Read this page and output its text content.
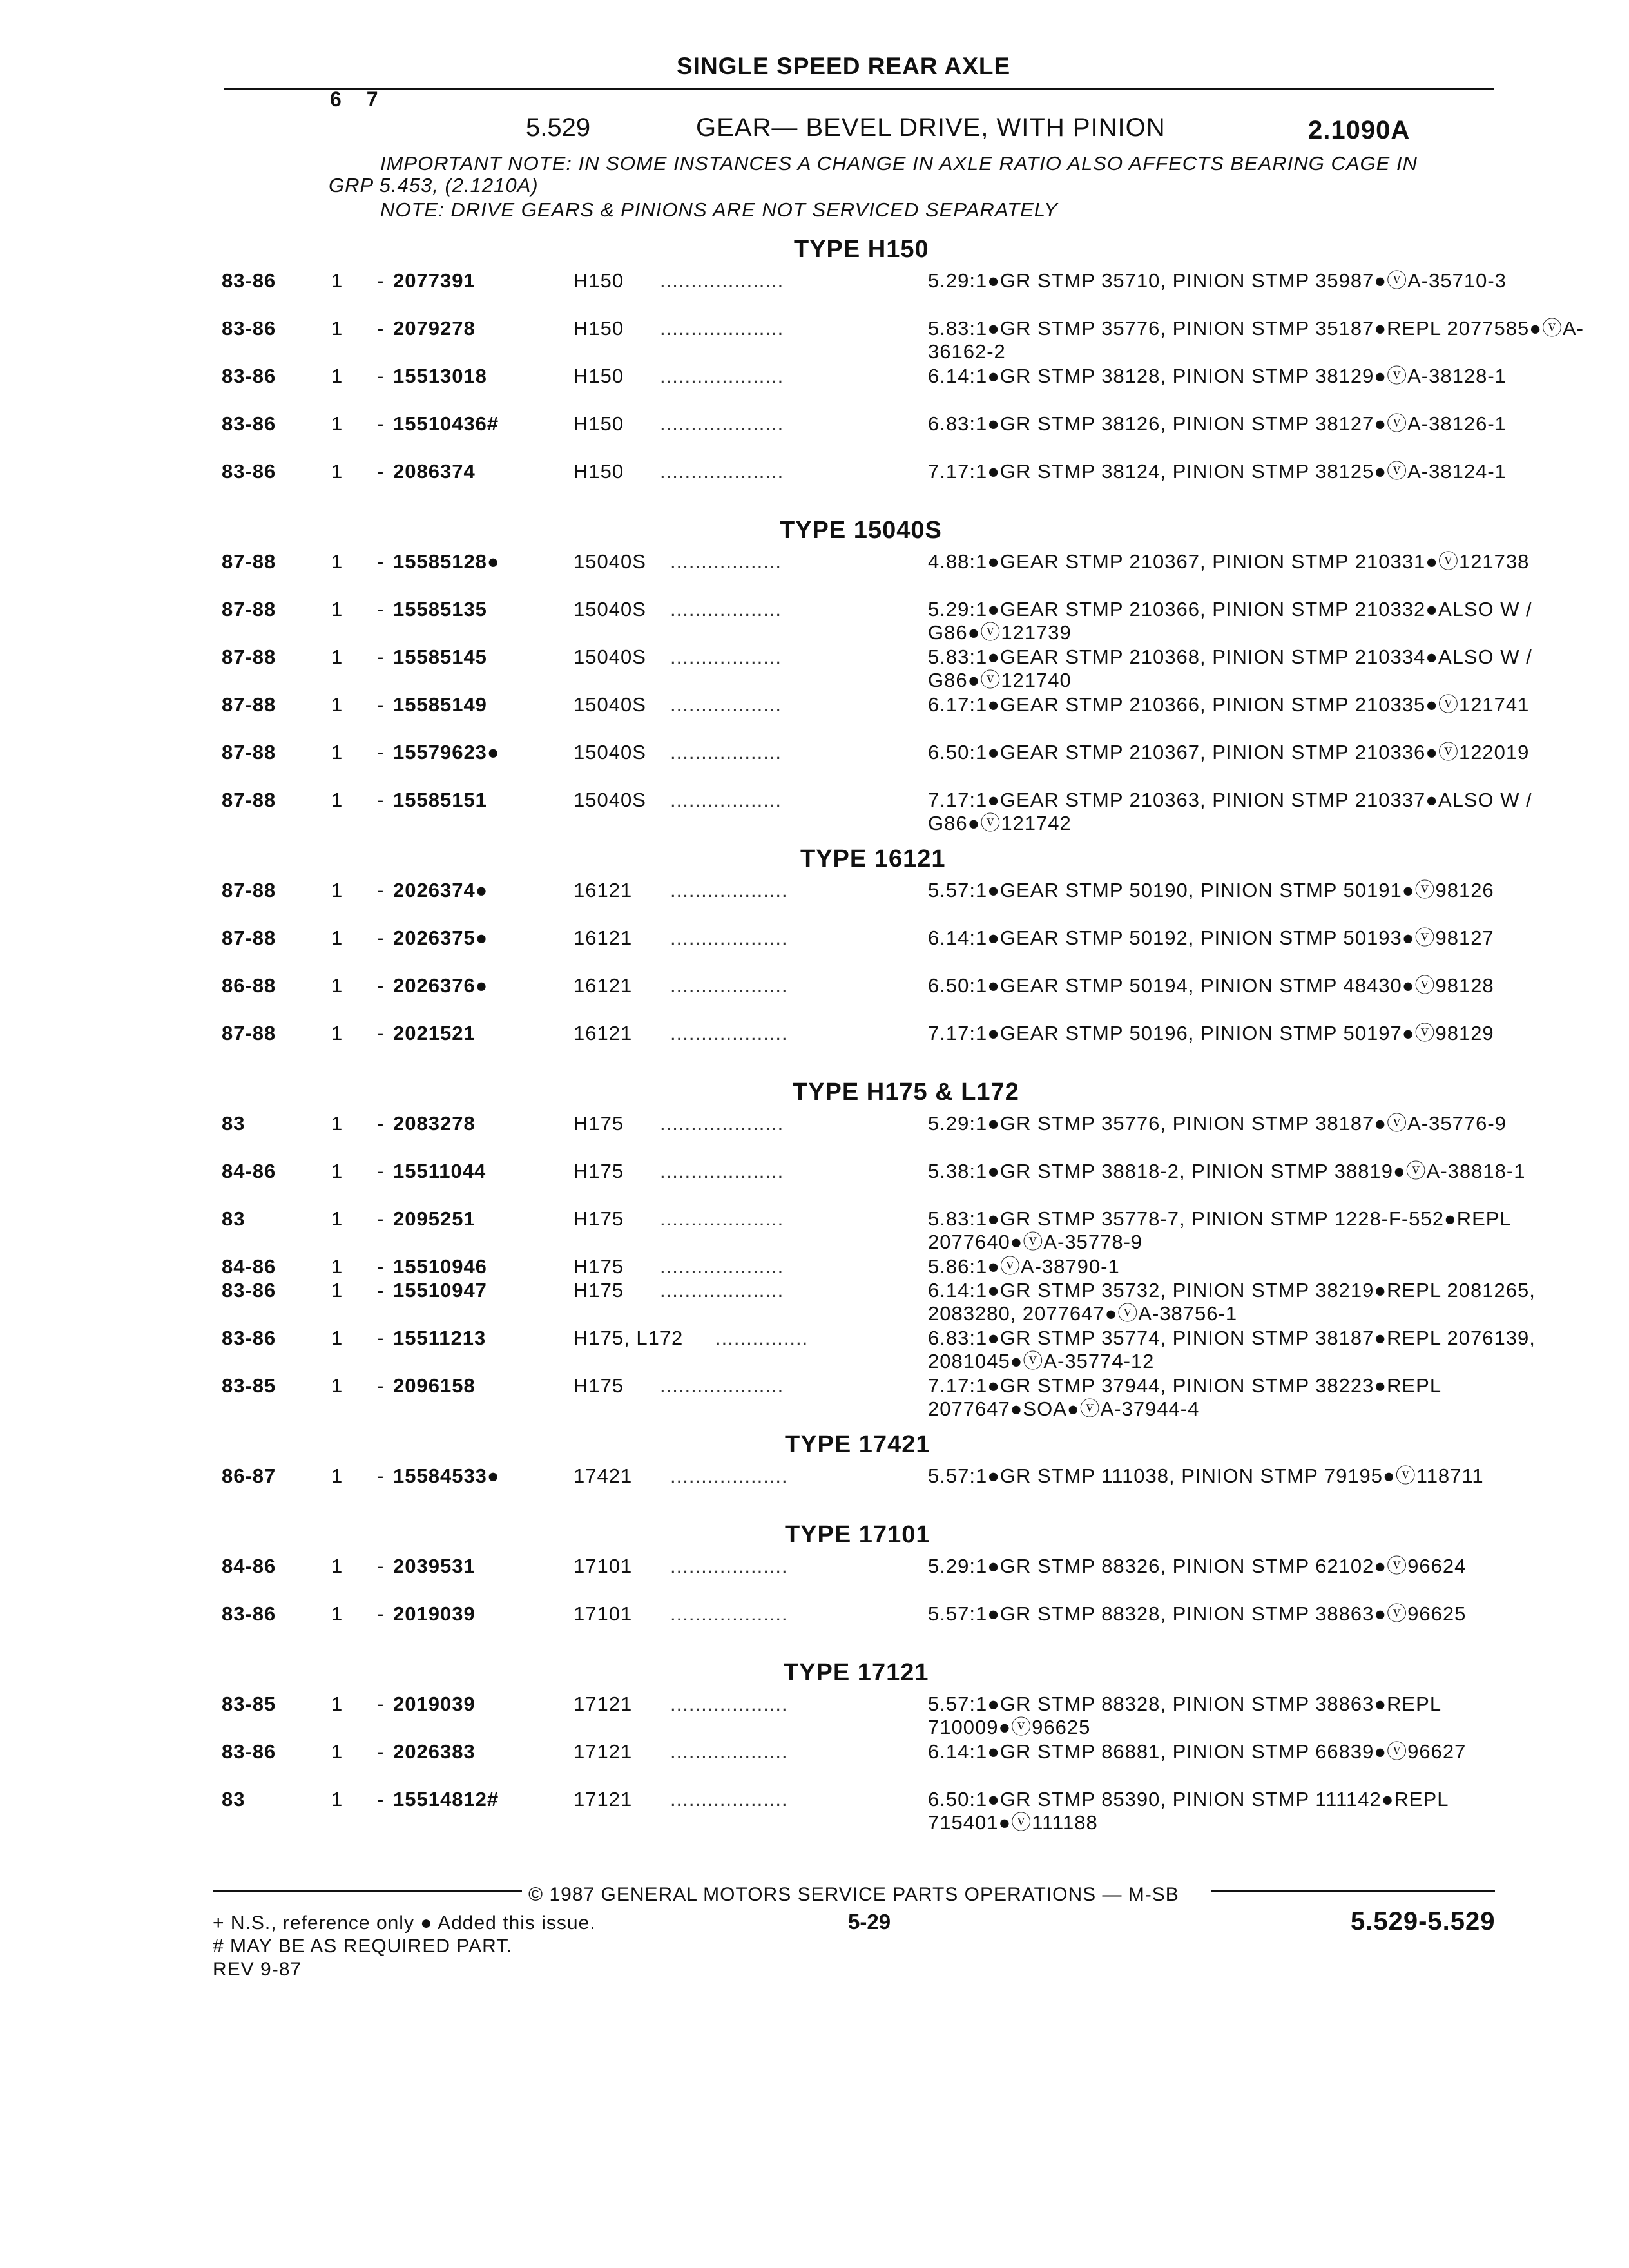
SINGLE SPEED REAR AXLE
6 7
5.529	GEAR— BEVEL DRIVE, WITH PINION	2.1090A
IMPORTANT NOTE: IN SOME INSTANCES A CHANGE IN AXLE RATIO ALSO AFFECTS BEARING CAGE IN
GRP 5.453, (2.1210A)
NOTE: DRIVE GEARS & PINIONS ARE NOT SERVICED SEPARATELY
TYPE H150
83-86	1 - 2077391	H150 ....................	5.29:1●GR STMP 35710, PINION STMP 35987●ⓥA-35710-3
83-86	1 - 2079278	H150 ....................	5.83:1●GR STMP 35776, PINION STMP 35187●REPL 2077585●ⓥA-36162-2
83-86	1 - 15513018	H150 ....................	6.14:1●GR STMP 38128, PINION STMP 38129●ⓥA-38128-1
83-86	1 - 15510436#	H150 ....................	6.83:1●GR STMP 38126, PINION STMP 38127●ⓥA-38126-1
83-86	1 - 2086374	H150 ....................	7.17:1●GR STMP 38124, PINION STMP 38125●ⓥA-38124-1
TYPE 15040S
87-88	1 - 15585128●	15040S ..................	4.88:1●GEAR STMP 210367, PINION STMP 210331●ⓥ121738
87-88	1 - 15585135	15040S ..................	5.29:1●GEAR STMP 210366, PINION STMP 210332●ALSO W / G86●ⓥ121739
87-88	1 - 15585145	15040S ..................	5.83:1●GEAR STMP 210368, PINION STMP 210334●ALSO W / G86●ⓥ121740
87-88	1 - 15585149	15040S ..................	6.17:1●GEAR STMP 210366, PINION STMP 210335●ⓥ121741
87-88	1 - 15579623●	15040S ..................	6.50:1●GEAR STMP 210367, PINION STMP 210336●ⓥ122019
87-88	1 - 15585151	15040S ..................	7.17:1●GEAR STMP 210363, PINION STMP 210337●ALSO W / G86●ⓥ121742
TYPE 16121
87-88	1 - 2026374●	16121 ...................	5.57:1●GEAR STMP 50190, PINION STMP 50191●ⓥ98126
87-88	1 - 2026375●	16121 ...................	6.14:1●GEAR STMP 50192, PINION STMP 50193●ⓥ98127
86-88	1 - 2026376●	16121 ...................	6.50:1●GEAR STMP 50194, PINION STMP 48430●ⓥ98128
87-88	1 - 2021521	16121 ...................	7.17:1●GEAR STMP 50196, PINION STMP 50197●ⓥ98129
TYPE H175 & L172
83	1 - 2083278	H175 ....................	5.29:1●GR STMP 35776, PINION STMP 38187●ⓥA-35776-9
84-86	1 - 15511044	H175 ....................	5.38:1●GR STMP 38818-2, PINION STMP 38819●ⓥA-38818-1
83	1 - 2095251	H175 ....................	5.83:1●GR STMP 35778-7, PINION STMP 1228-F-552●REPL 2077640●ⓥA-35778-9
84-86	1 - 15510946	H175 ....................	5.86:1●ⓥA-38790-1
83-86	1 - 15510947	H175 ....................	6.14:1●GR STMP 35732, PINION STMP 38219●REPL 2081265, 2083280, 2077647●ⓥA-38756-1
83-86	1 - 15511213	H175, L172 ...............	6.83:1●GR STMP 35774, PINION STMP 38187●REPL 2076139, 2081045●ⓥA-35774-12
83-85	1 - 2096158	H175 ....................	7.17:1●GR STMP 37944, PINION STMP 38223●REPL 2077647●SOA●ⓥA-37944-4
TYPE 17421
86-87	1 - 15584533●	17421 ...................	5.57:1●GR STMP 111038, PINION STMP 79195●ⓥ118711
TYPE 17101
84-86	1 - 2039531	17101 ...................	5.29:1●GR STMP 88326, PINION STMP 62102●ⓥ96624
83-86	1 - 2019039	17101 ...................	5.57:1●GR STMP 88328, PINION STMP 38863●ⓥ96625
TYPE 17121
83-85	1 - 2019039	17121 ...................	5.57:1●GR STMP 88328, PINION STMP 38863●REPL 710009●ⓥ96625
83-86	1 - 2026383	17121 ...................	6.14:1●GR STMP 86881, PINION STMP 66839●ⓥ96627
83	1 - 15514812#	17121 ...................	6.50:1●GR STMP 85390, PINION STMP 111142●REPL 715401●ⓥ111188
© 1987 GENERAL MOTORS SERVICE PARTS OPERATIONS — M-SB
+ N.S., reference only ● Added this issue.
# MAY BE AS REQUIRED PART.
REV 9-87
5-29	5.529-5.529
